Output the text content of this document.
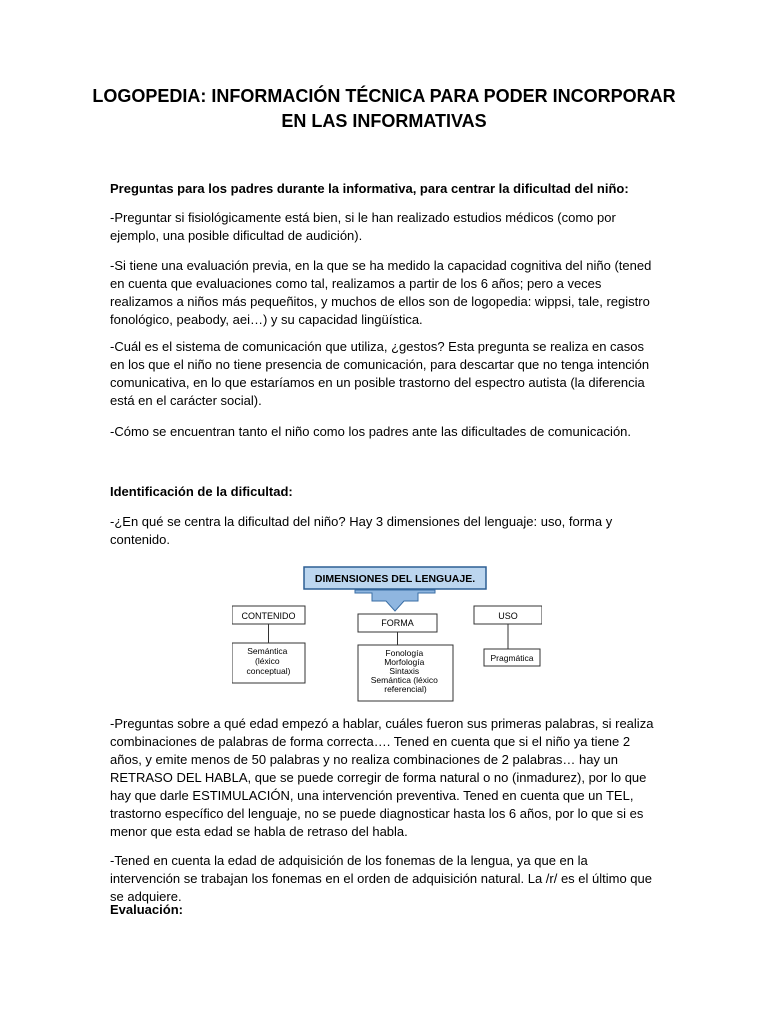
LOGOPEDIA: INFORMACIÓN TÉCNICA PARA PODER INCORPORAR EN LAS INFORMATIVAS

Preguntas para los padres durante la informativa, para centrar la dificultad del niño:

-Preguntar si fisiológicamente está bien, si le han realizado estudios médicos (como por ejemplo, una posible dificultad de audición).

-Si tiene una evaluación previa, en la que se ha medido la capacidad cognitiva del niño (tened en cuenta que evaluaciones como tal, realizamos a partir de los 6 años; pero a veces realizamos a niños más pequeñitos, y muchos de ellos son de logopedia: wippsi, tale, registro fonológico, peabody, aei…) y su capacidad lingüística.

-Cuál es el sistema de comunicación que utiliza, ¿gestos? Esta pregunta se realiza en casos en los que el niño no tiene presencia de comunicación, para descartar que no tenga intención comunicativa, en lo que estaríamos en un posible trastorno del espectro autista (la diferencia está en el carácter social).

-Cómo se encuentran tanto el niño como los padres ante las dificultades de comunicación.

Identificación de la dificultad:

-¿En qué se centra la dificultad del niño? Hay 3 dimensiones del lenguaje: uso, forma y contenido.

DIMENSIONES DEL LENGUAJE.
CONTENIDO
Semántica (léxico conceptual)
FORMA
Fonología Morfología Sintaxis Semántica (léxico referencial)
USO
Pragmática

-Preguntas sobre a qué edad empezó a hablar, cuáles fueron sus primeras palabras, si realiza combinaciones de palabras de forma correcta…. Tened en cuenta que si el niño ya tiene 2 años, y emite menos de 50 palabras y no realiza combinaciones de 2 palabras… hay un RETRASO DEL HABLA, que se puede corregir de forma natural o no (inmadurez), por lo que hay que darle ESTIMULACIÓN, una intervención preventiva. Tened en cuenta que un TEL, trastorno específico del lenguaje, no se puede diagnosticar hasta los 6 años, por lo que si es menor que esta edad se habla de retraso del habla.

-Tened en cuenta la edad de adquisición de los fonemas de la lengua, ya que en la intervención se trabajan los fonemas en el orden de adquisición natural. La /r/ es el último que se adquiere.

Evaluación:
